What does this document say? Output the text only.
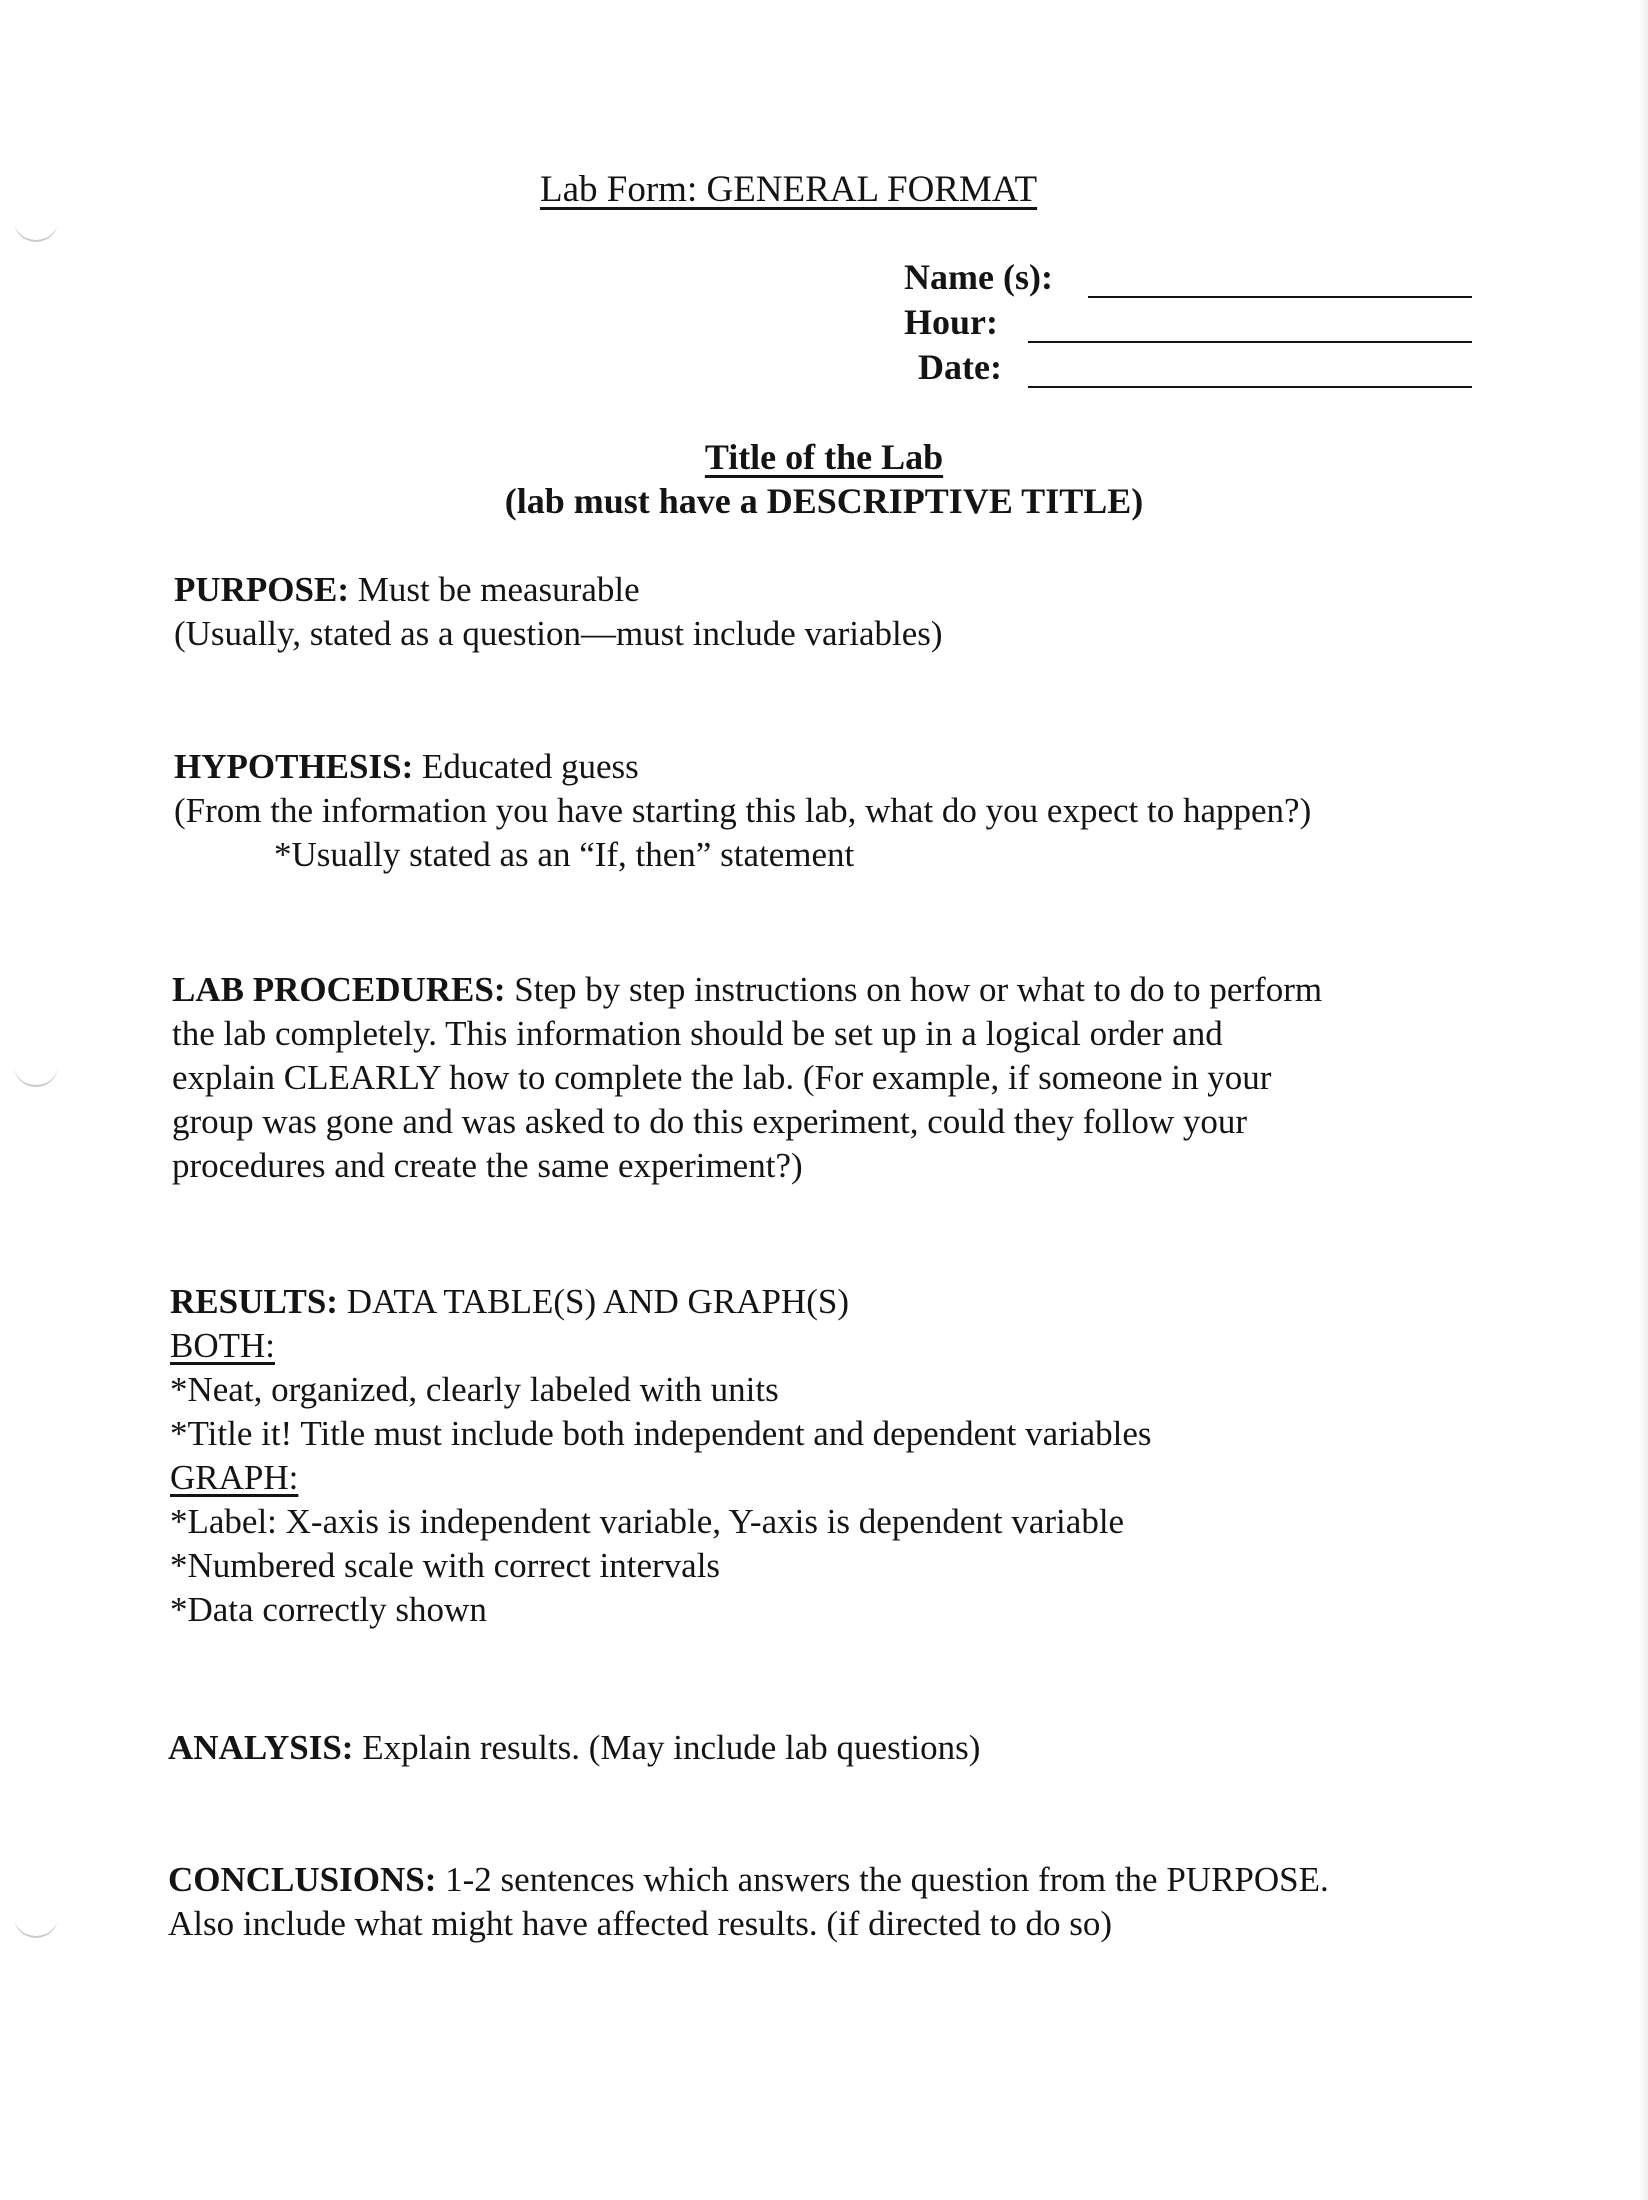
Lab Form: GENERAL FORMAT
Name (s):
Hour:
Date:
Title of the Lab
(lab must have a DESCRIPTIVE TITLE)
PURPOSE: Must be measurable
(Usually, stated as a question—must include variables)
HYPOTHESIS: Educated guess
(From the information you have starting this lab, what do you expect to happen?)
*Usually stated as an “If, then” statement
LAB PROCEDURES: Step by step instructions on how or what to do to perform
the lab completely. This information should be set up in a logical order and
explain CLEARLY how to complete the lab. (For example, if someone in your
group was gone and was asked to do this experiment, could they follow your
procedures and create the same experiment?)
RESULTS: DATA TABLE(S) AND GRAPH(S)
BOTH:
*Neat, organized, clearly labeled with units
*Title it! Title must include both independent and dependent variables
GRAPH:
*Label: X-axis is independent variable, Y-axis is dependent variable
*Numbered scale with correct intervals
*Data correctly shown
ANALYSIS: Explain results. (May include lab questions)
CONCLUSIONS: 1-2 sentences which answers the question from the PURPOSE.
Also include what might have affected results. (if directed to do so)
